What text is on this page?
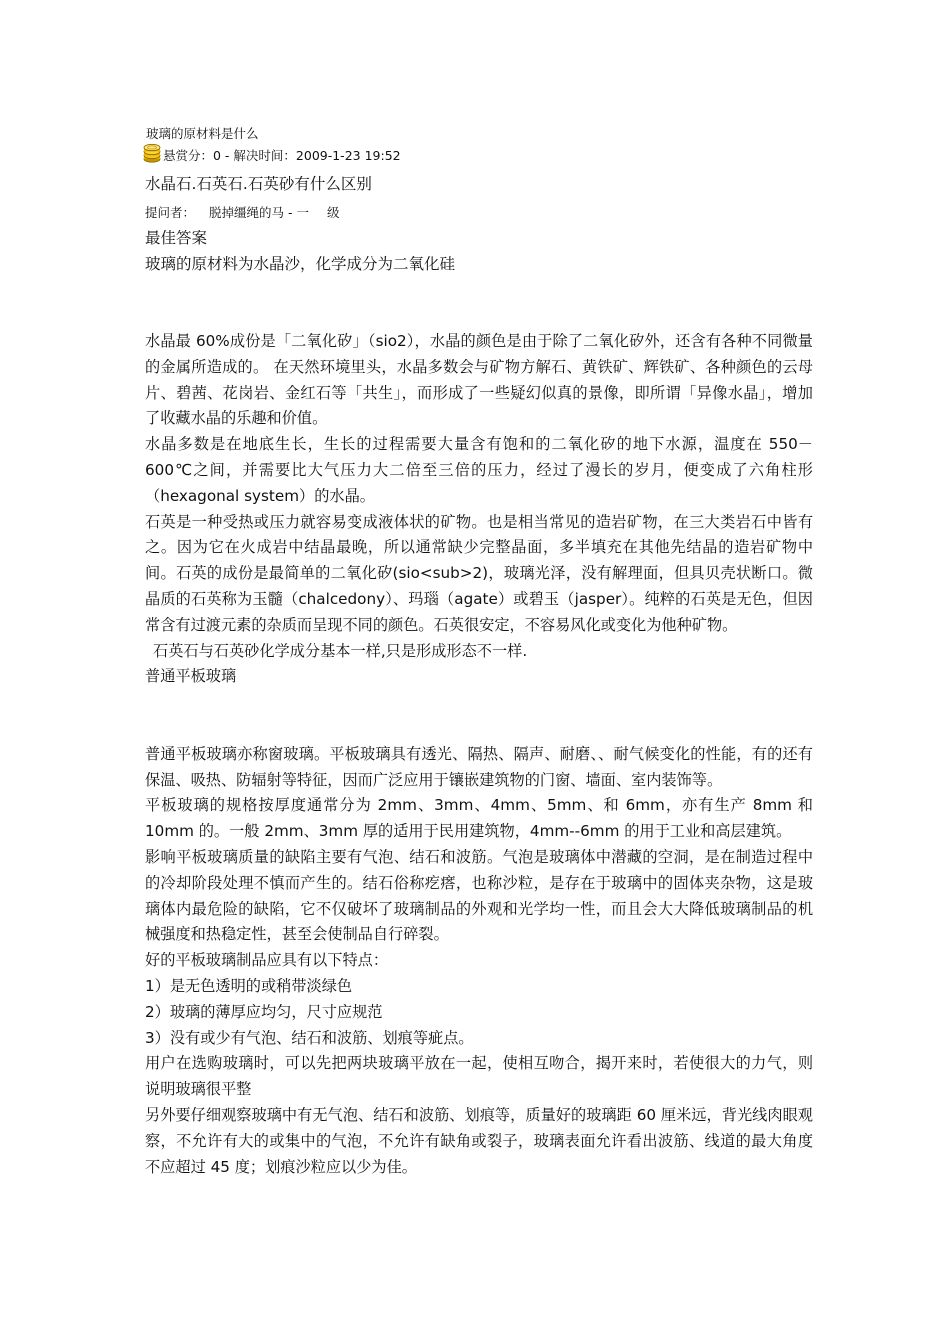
玻璃的原材料是什么
悬赏分：0 - 解决时间：2009-1-23 19:52
水晶石.石英石.石英砂有什么区别
提问者： 脱掉缰绳的马 - 一 级
最佳答案
玻璃的原材料为水晶沙，化学成分为二氧化硅

水晶最 60%成份是「二氧化矽」（sio2），水晶的颜色是由于除了二氧化矽外，还含有各种不同微量的金属所造成的。 在天然环境里头，水晶多数会与矿物方解石、黄铁矿、辉铁矿、各种颜色的云母片、碧茜、花岗岩、金红石等「共生」，而形成了一些疑幻似真的景像，即所谓「异像水晶」，增加了收藏水晶的乐趣和价值。

水晶多数是在地底生长，生长的过程需要大量含有饱和的二氧化矽的地下水源，温度在 550－600℃之间，并需要比大气压力大二倍至三倍的压力，经过了漫长的岁月，便变成了六角柱形（hexagonal system）的水晶。

石英是一种受热或压力就容易变成液体状的矿物。也是相当常见的造岩矿物，在三大类岩石中皆有之。因为它在火成岩中结晶最晚，所以通常缺少完整晶面，多半填充在其他先结晶的造岩矿物中间。石英的成份是最简单的二氧化矽(sio<sub>2)，玻璃光泽，没有解理面，但具贝壳状断口。微晶质的石英称为玉髓（chalcedony）、玛瑙（agate）或碧玉（jasper）。纯粹的石英是无色，但因常含有过渡元素的杂质而呈现不同的颜色。石英很安定，不容易风化或变化为他种矿物。

石英石与石英砂化学成分基本一样,只是形成形态不一样.

普通平板玻璃

普通平板玻璃亦称窗玻璃。平板玻璃具有透光、隔热、隔声、耐磨、、耐气候变化的性能，有的还有保温、吸热、防辐射等特征，因而广泛应用于镶嵌建筑物的门窗、墙面、室内装饰等。

平板玻璃的规格按厚度通常分为 2mm、3mm、4mm、5mm、和 6mm，亦有生产 8mm 和 10mm 的。一般 2mm、3mm 厚的适用于民用建筑物，4mm--6mm 的用于工业和高层建筑。

影响平板玻璃质量的缺陷主要有气泡、结石和波筋。气泡是玻璃体中潜藏的空洞，是在制造过程中的冷却阶段处理不慎而产生的。结石俗称疙瘩，也称沙粒，是存在于玻璃中的固体夹杂物，这是玻璃体内最危险的缺陷，它不仅破坏了玻璃制品的外观和光学均一性，而且会大大降低玻璃制品的机械强度和热稳定性，甚至会使制品自行碎裂。

好的平板玻璃制品应具有以下特点：

1）是无色透明的或稍带淡绿色

2）玻璃的薄厚应均匀，尺寸应规范

3）没有或少有气泡、结石和波筋、划痕等疵点。

用户在选购玻璃时，可以先把两块玻璃平放在一起，使相互吻合，揭开来时，若使很大的力气，则说明玻璃很平整

另外要仔细观察玻璃中有无气泡、结石和波筋、划痕等，质量好的玻璃距 60 厘米远，背光线肉眼观察，不允许有大的或集中的气泡，不允许有缺角或裂子，玻璃表面允许看出波筋、线道的最大角度不应超过 45 度；划痕沙粒应以少为佳。
